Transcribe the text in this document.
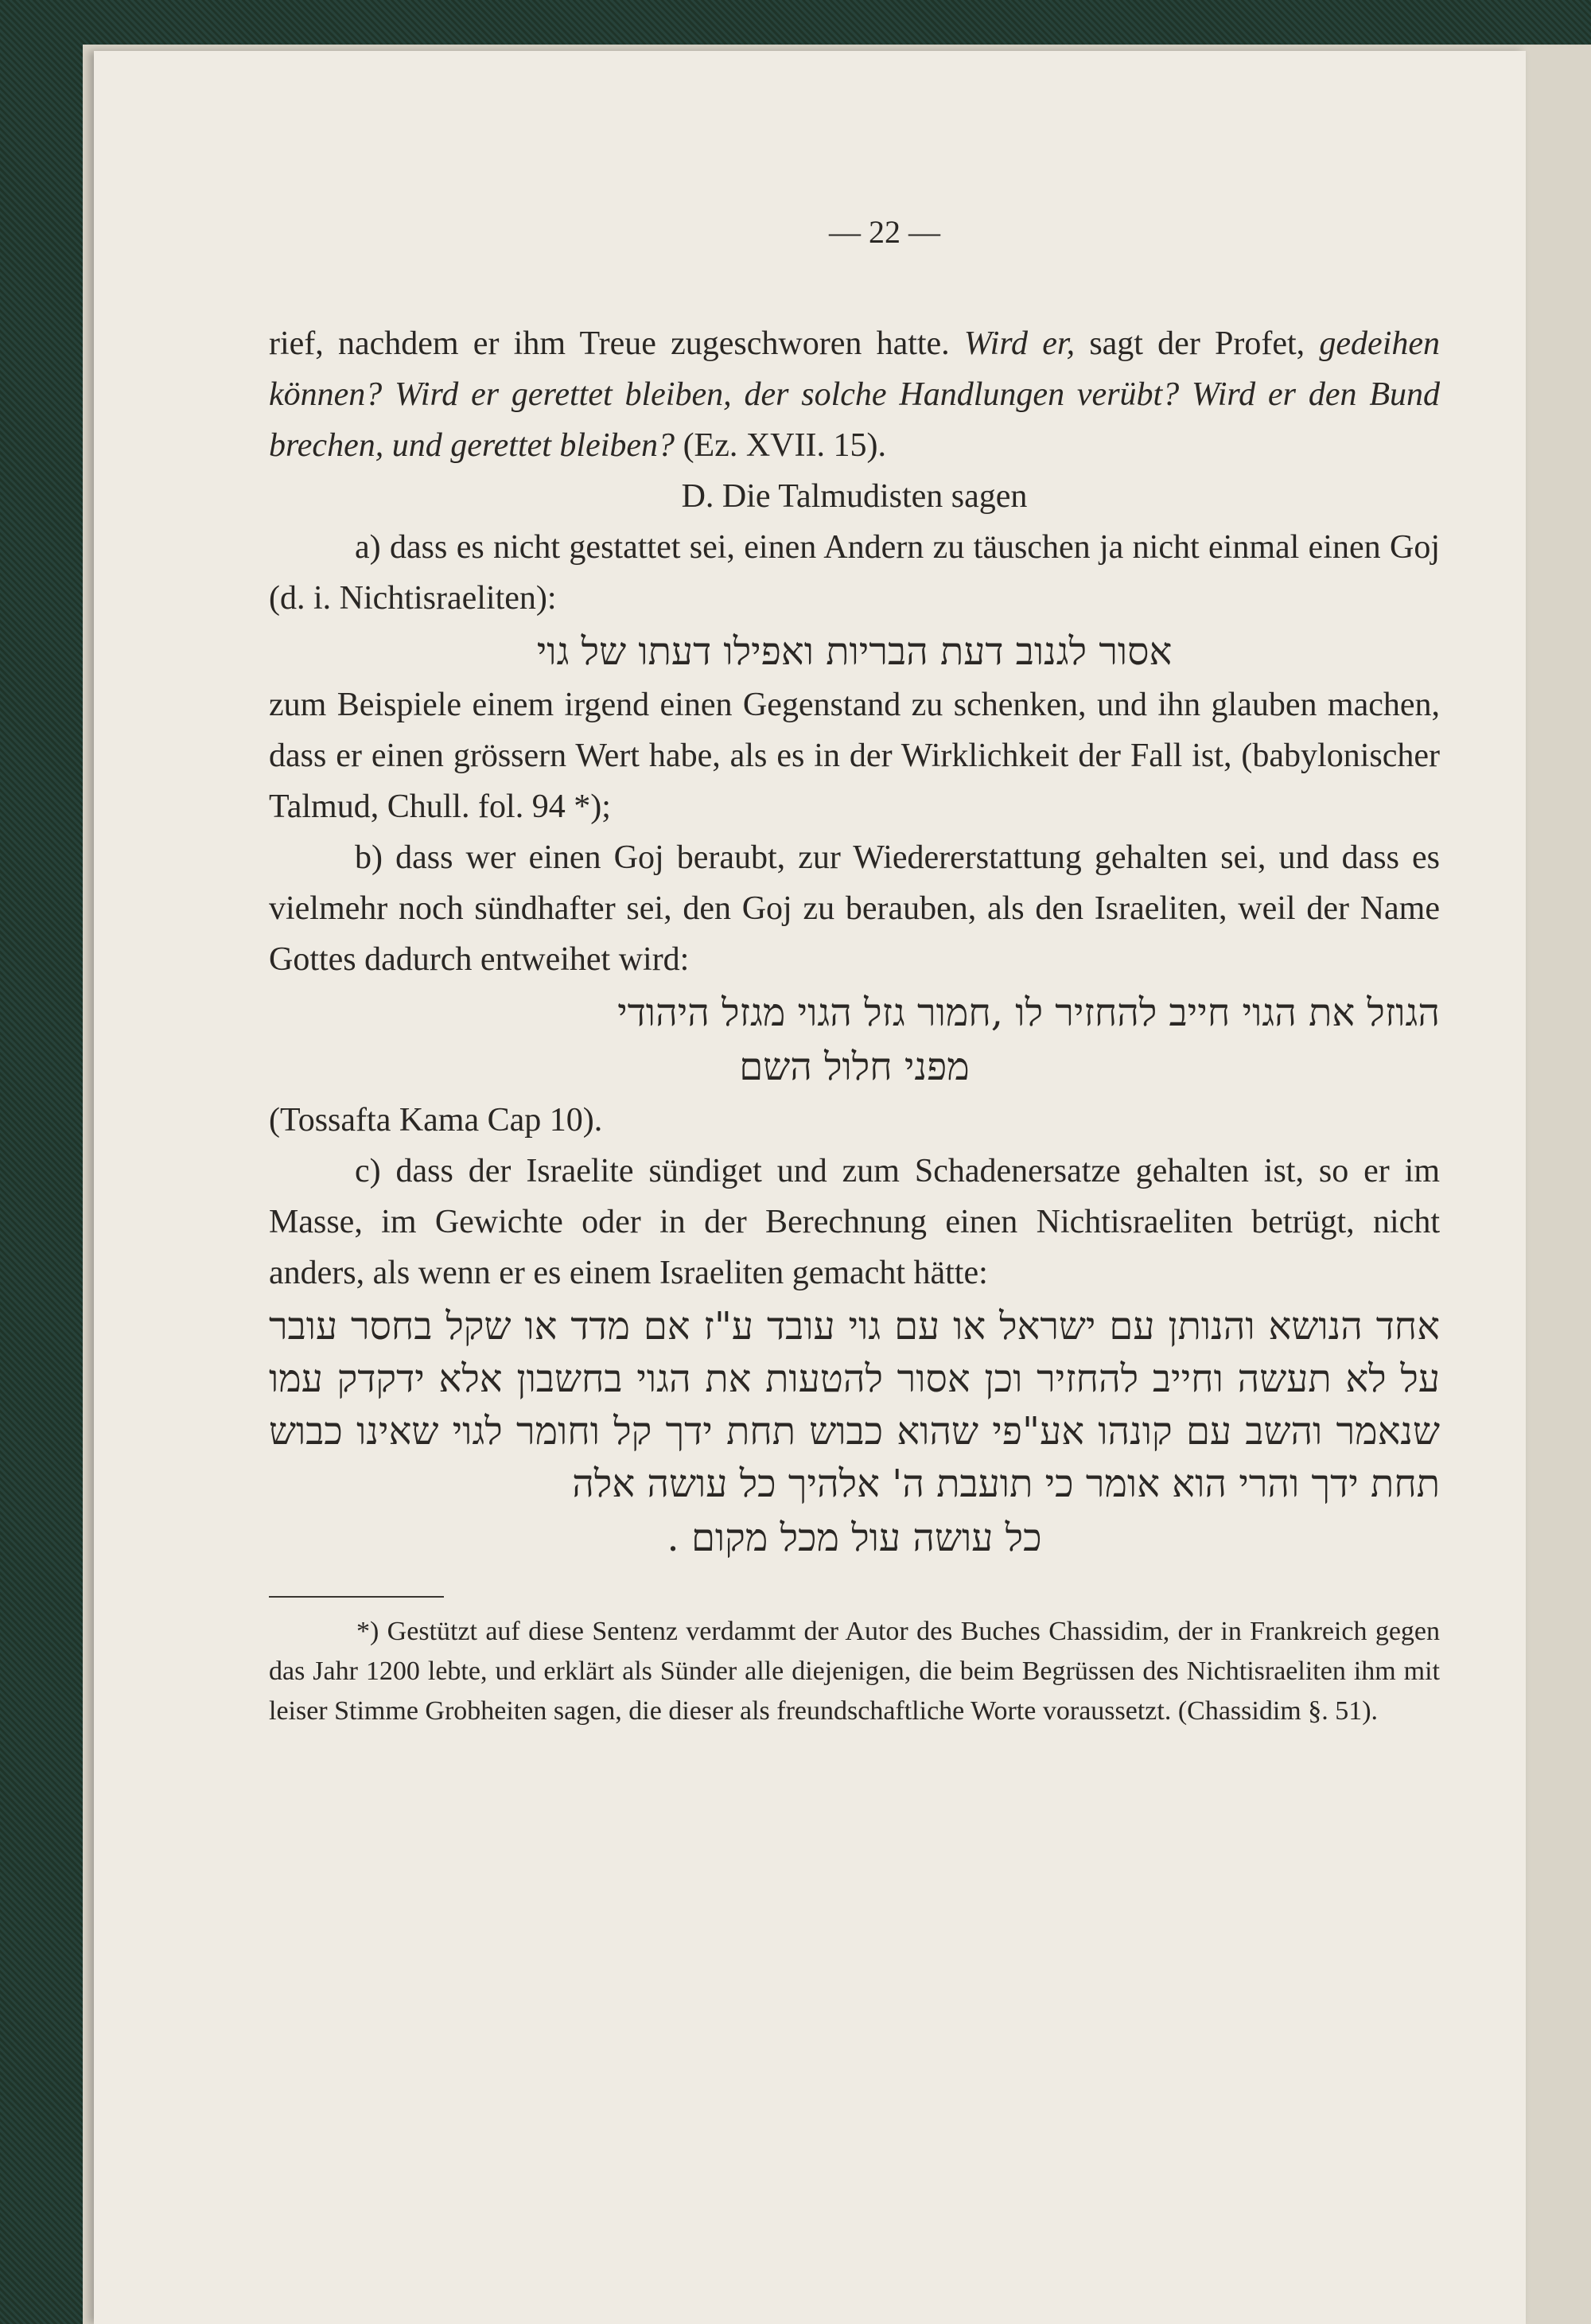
— 22 —

rief, nachdem er ihm Treue zugeschworen hatte. Wird er, sagt der Profet, gedeihen können? Wird er gerettet bleiben, der solche Handlungen verübt? Wird er den Bund brechen, und gerettet bleiben? (Ez. XVII. 15).

D. Die Talmudisten sagen

a) dass es nicht gestattet sei, einen Andern zu täuschen ja nicht einmal einen Goj (d. i. Nichtisraeliten):

אסור לגנוב דעת הבריות ואפילו דעתו של גוי

zum Beispiele einem irgend einen Gegenstand zu schenken, und ihn glauben machen, dass er einen grössern Wert habe, als es in der Wirklichkeit der Fall ist, (babylonischer Talmud, Chull. fol. 94 *);

b) dass wer einen Goj beraubt, zur Wiedererstattung gehalten sei, und dass es vielmehr noch sündhafter sei, den Goj zu berauben, als den Israeliten, weil der Name Gottes dadurch entweihet wird:

הגוזל את הגוי חייב להחזיר לו ,חמור גזל הגוי מגזל היהודי

מפני חלול השם

(Tossafta Kama Cap 10).

c) dass der Israelite sündiget und zum Schadenersatze gehalten ist, so er im Masse, im Gewichte oder in der Berechnung einen Nichtisraeliten betrügt, nicht anders, als wenn er es einem Israeliten gemacht hätte:

אחד הנושא והנותן עם ישראל או עם גוי עובד ע"ז אם מדד או שקל בחסר עובר על לא תעשה וחייב להחזיר וכן אסור להטעות את הגוי בחשבון אלא ידקדק עמו שנאמר והשב עם קונהו אע"פי שהוא כבוש תחת ידך קל וחומר לגוי שאינו כבוש תחת ידך והרי הוא אומר כי תועבת ה' אלהיך כל עושה אלה

כל עושה עול מכל מקום .

*) Gestützt auf diese Sentenz verdammt der Autor des Buches Chassidim, der in Frankreich gegen das Jahr 1200 lebte, und erklärt als Sünder alle diejenigen, die beim Begrüssen des Nichtisraeliten ihm mit leiser Stimme Grobheiten sagen, die dieser als freundschaftliche Worte voraussetzt. (Chassidim §. 51).
